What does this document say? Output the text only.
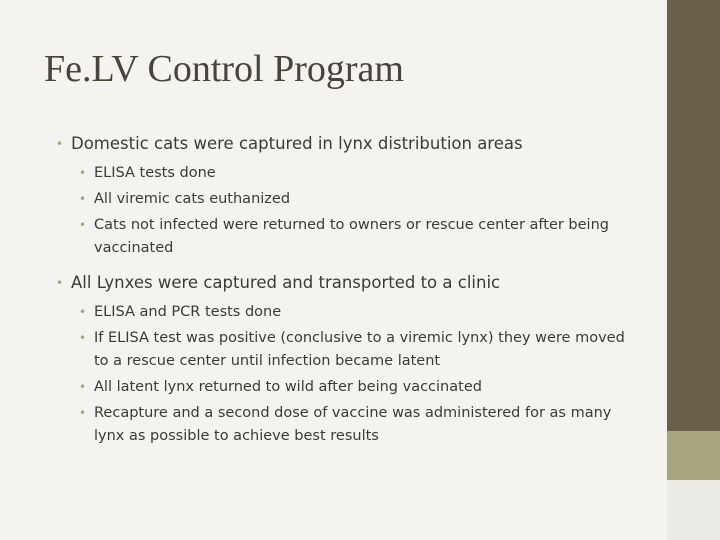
Fe.LV Control Program
• Domestic cats were captured in lynx distribution areas
• ELISA tests done
• All viremic cats euthanized
• Cats not infected were returned to owners or rescue center after being vaccinated
• All Lynxes were captured and transported to a clinic
• ELISA and PCR tests done
• If ELISA test was positive (conclusive to a viremic lynx) they were moved to a rescue center until infection became latent
• All latent lynx returned to wild after being vaccinated
• Recapture and a second dose of vaccine was administered for as many lynx as possible to achieve best results
